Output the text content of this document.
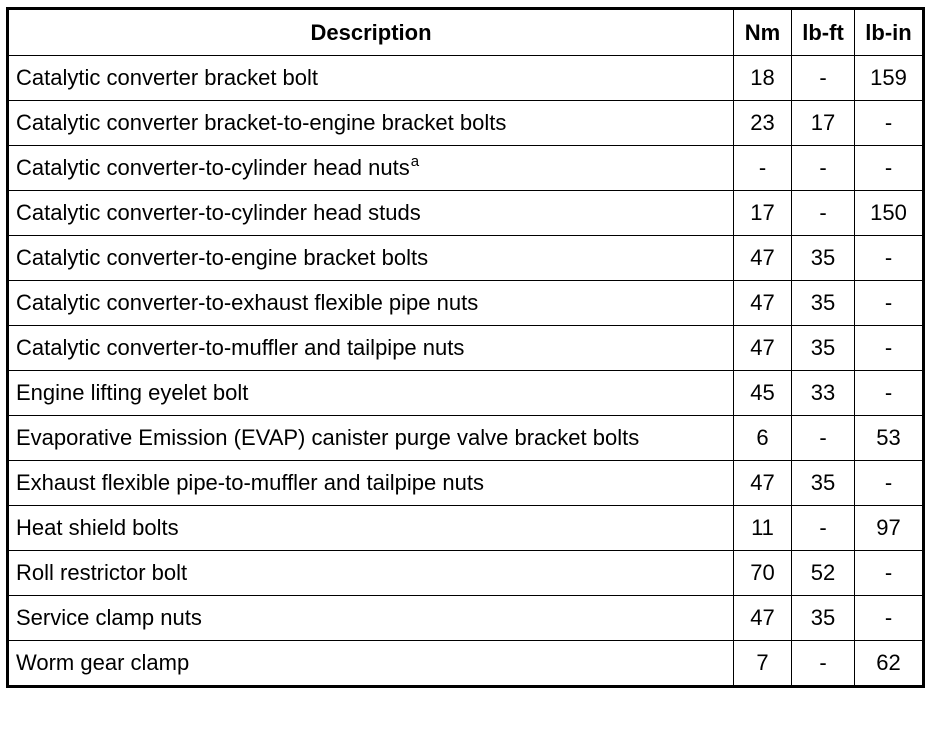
Description	Nm	lb-ft	lb-in
Catalytic converter bracket bolt	18	-	159
Catalytic converter bracket-to-engine bracket bolts	23	17	-
Catalytic converter-to-cylinder head nuts$^a$	-	-	-
Catalytic converter-to-cylinder head studs	17	-	150
Catalytic converter-to-engine bracket bolts	47	35	-
Catalytic converter-to-exhaust flexible pipe nuts	47	35	-
Catalytic converter-to-muffler and tailpipe nuts	47	35	-
Engine lifting eyelet bolt	45	33	-
Evaporative Emission (EVAP) canister purge valve bracket bolts	6	-	53
Exhaust flexible pipe-to-muffler and tailpipe nuts	47	35	-
Heat shield bolts	11	-	97
Roll restrictor bolt	70	52	-
Service clamp nuts	47	35	-
Worm gear clamp	7	-	62
